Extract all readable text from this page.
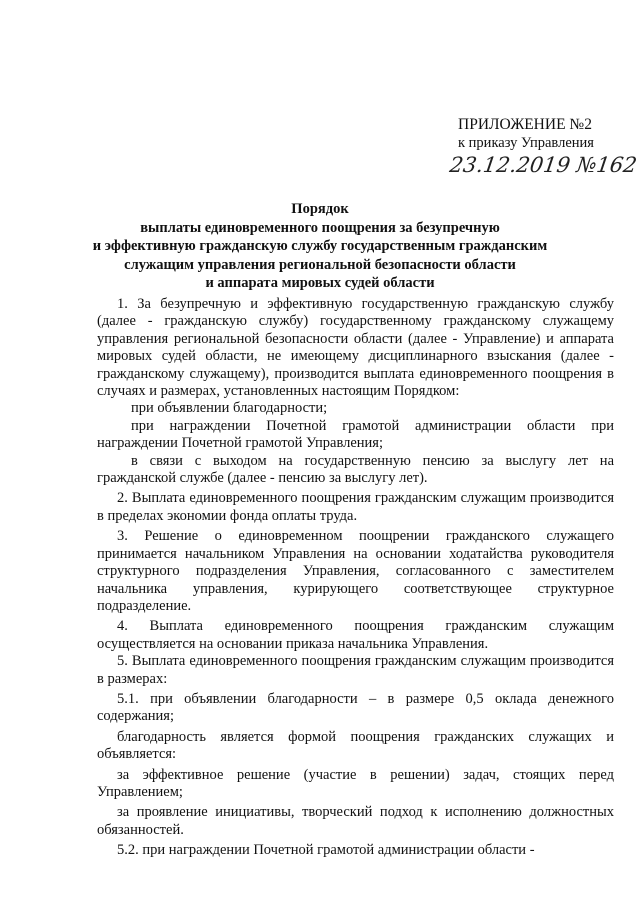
ПРИЛОЖЕНИЕ №2
к приказу Управления
23.12.2019 №162
Порядок
выплаты единовременного поощрения за безупречную
и эффективную гражданскую службу государственным гражданским
служащим управления региональной безопасности области
и аппарата мировых судей области

1. За безупречную и эффективную государственную гражданскую службу (далее - гражданскую службу) государственному гражданскому служащему управления региональной безопасности области (далее - Управление) и аппарата мировых судей области, не имеющему дисциплинарного взыскания (далее - гражданскому служащему), производится выплата единовременного поощрения в случаях и размерах, установленных настоящим Порядком:

при объявлении благодарности;

при награждении Почетной грамотой администрации области при награждении Почетной грамотой Управления;

в связи с выходом на государственную пенсию за выслугу лет на гражданской службе (далее - пенсию за выслугу лет).

2. Выплата единовременного поощрения гражданским служащим производится в пределах экономии фонда оплаты труда.

3. Решение о единовременном поощрении гражданского служащего принимается начальником Управления на основании ходатайства руководителя структурного подразделения Управления, согласованного с заместителем начальника управления, курирующего соответствующее структурное подразделение.

4. Выплата единовременного поощрения гражданским служащим осуществляется на основании приказа начальника Управления.

5. Выплата единовременного поощрения гражданским служащим производится в размерах:

5.1. при объявлении благодарности – в размере 0,5 оклада денежного содержания;

благодарность является формой поощрения гражданских служащих и объявляется:

за эффективное решение (участие в решении) задач, стоящих перед Управлением;

за проявление инициативы, творческий подход к исполнению должностных обязанностей.

5.2. при награждении Почетной грамотой администрации области -
